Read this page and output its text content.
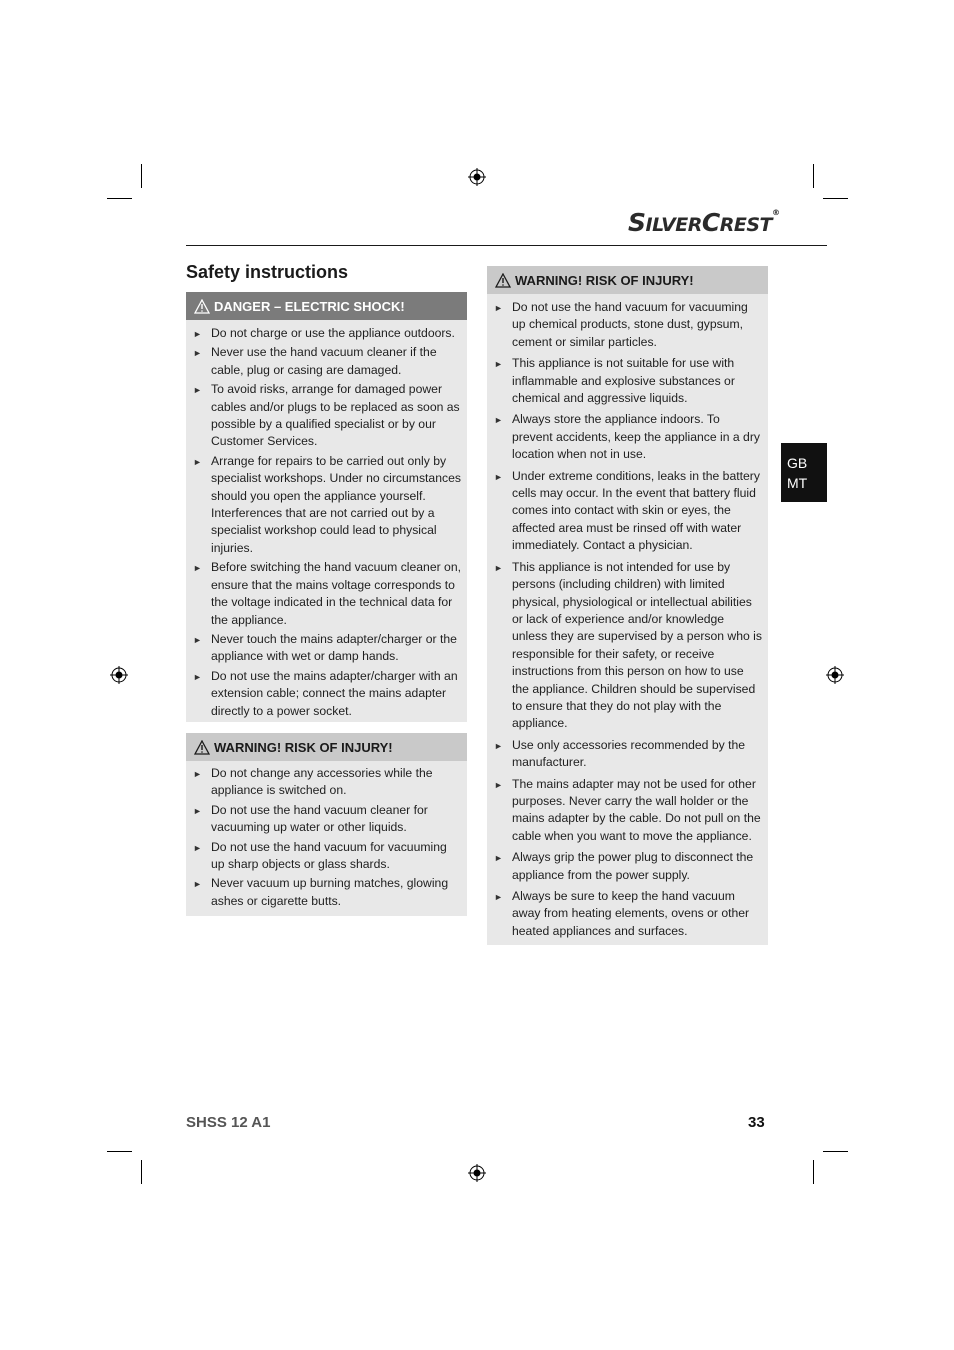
SILVERCREST®
Safety instructions
DANGER – ELECTRIC SHOCK!
► Do not charge or use the appliance outdoors.
► Never use the hand vacuum cleaner if the cable, plug or casing are damaged.
► To avoid risks, arrange for damaged power cables and/or plugs to be replaced as soon as possible by a qualified specialist or by our Customer Services.
► Arrange for repairs to be carried out only by specialist workshops. Under no circumstances should you open the appliance yourself. Interferences that are not carried out by a specialist workshop could lead to physical injuries.
► Before switching the hand vacuum cleaner on, ensure that the mains voltage corresponds to the voltage indicated in the technical data for the appliance.
► Never touch the mains adapter/charger or the appliance with wet or damp hands.
► Do not use the mains adapter/charger with an extension cable; connect the mains adapter directly to a power socket.
WARNING! RISK OF INJURY!
► Do not change any accessories while the appliance is switched on.
► Do not use the hand vacuum cleaner for vacuuming up water or other liquids.
► Do not use the hand vacuum for vacuuming up sharp objects or glass shards.
► Never vacuum up burning matches, glowing ashes or cigarette butts.
WARNING! RISK OF INJURY!
► Do not use the hand vacuum for vacuuming up chemical products, stone dust, gypsum, cement or similar particles.
► This appliance is not suitable for use with inflammable and explosive substances or chemical and aggressive liquids.
► Always store the appliance indoors. To prevent accidents, keep the appliance in a dry location when not in use.
► Under extreme conditions, leaks in the battery cells may occur. In the event that battery fluid comes into contact with skin or eyes, the affected area must be rinsed off with water immediately. Contact a physician.
► This appliance is not intended for use by persons (including children) with limited physical, physiological or intellectual abilities or lack of experience and/or knowledge unless they are supervised by a person who is responsible for their safety, or receive instructions from this person on how to use the appliance. Children should be supervised to ensure that they do not play with the appliance.
► Use only accessories recommended by the manufacturer.
► The mains adapter may not be used for other purposes. Never carry the wall holder or the mains adapter by the cable. Do not pull on the cable when you want to move the appliance.
► Always grip the power plug to disconnect the appliance from the power supply.
► Always be sure to keep the hand vacuum away from heating elements, ovens or other heated appliances and surfaces.
GB
MT
SHSS 12 A1	33
